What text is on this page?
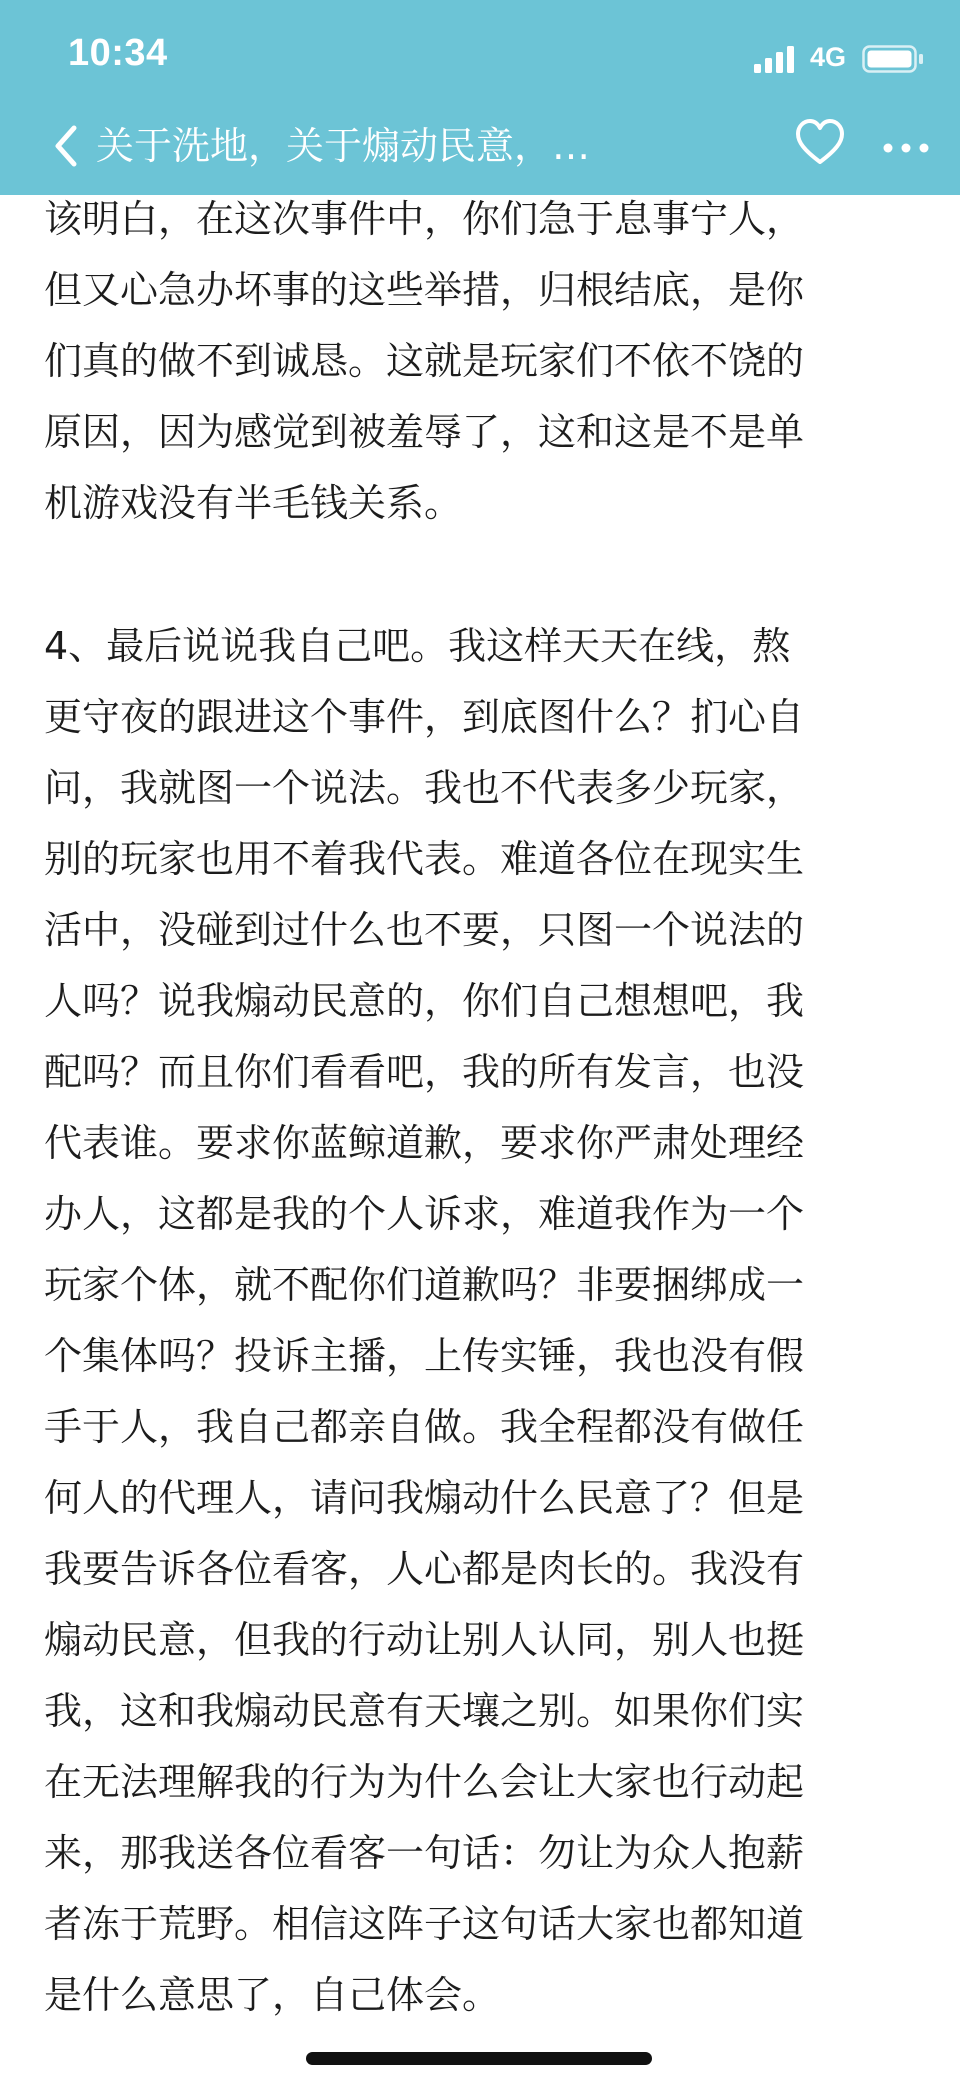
该明白，在这次事件中，你们急于息事宁人，
但又心急办坏事的这些举措，归根结底，是你
们真的做不到诚恳。这就是玩家们不依不饶的
原因，因为感觉到被羞辱了，这和这是不是单
机游戏没有半毛钱关系。
4、最后说说我自己吧。我这样天天在线，熬
更守夜的跟进这个事件，到底图什么？扪心自
问，我就图一个说法。我也不代表多少玩家，
别的玩家也用不着我代表。难道各位在现实生
活中，没碰到过什么也不要，只图一个说法的
人吗？说我煽动民意的，你们自己想想吧，我
配吗？而且你们看看吧，我的所有发言，也没
代表谁。要求你蓝鲸道歉，要求你严肃处理经
办人，这都是我的个人诉求，难道我作为一个
玩家个体，就不配你们道歉吗？非要捆绑成一
个集体吗？投诉主播，上传实锤，我也没有假
手于人，我自己都亲自做。我全程都没有做任
何人的代理人，请问我煽动什么民意了？但是
我要告诉各位看客，人心都是肉长的。我没有
煽动民意，但我的行动让别人认同，别人也挺
我，这和我煽动民意有天壤之别。如果你们实
在无法理解我的行为为什么会让大家也行动起
来，那我送各位看客一句话：勿让为众人抱薪
者冻于荒野。相信这阵子这句话大家也都知道
是什么意思了，自己体会。
10:34	4G
关于洗地，关于煽动民意，…
